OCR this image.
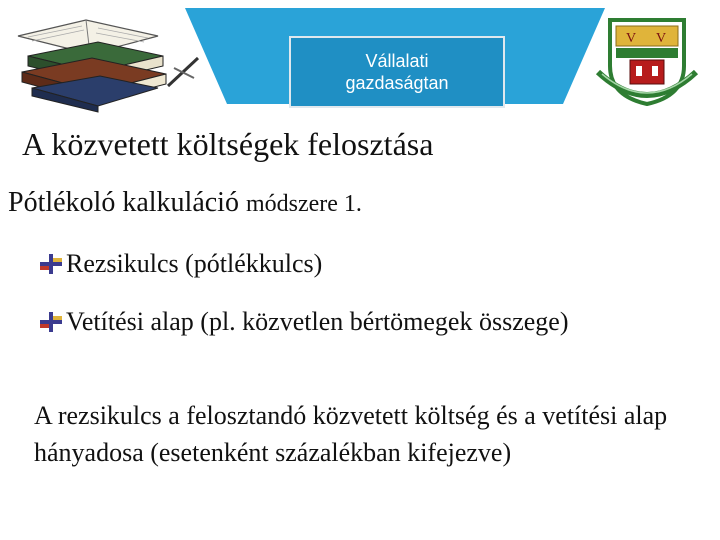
Vállalati gazdaságtan
V V
A közvetett költségek felosztása
Pótlékoló kalkuláció módszere 1.
Rezsikulcs (pótlékkulcs)
Vetítési alap (pl. közvetlen bértömegek összege)
A rezsikulcs a felosztandó közvetett költség és a vetítési alap hányadosa (esetenként százalékban kifejezve)
